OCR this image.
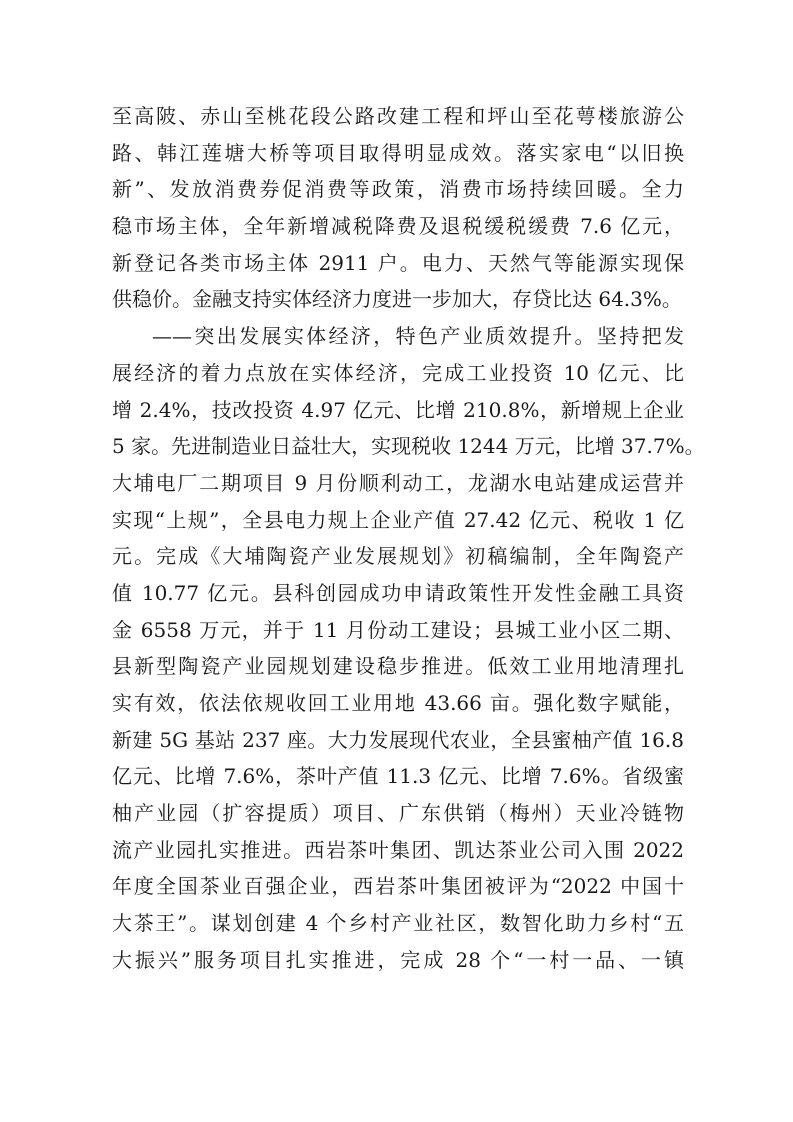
至高陂、赤山至桃花段公路改建工程和坪山至花萼楼旅游公
路、韩江莲塘大桥等项目取得明显成效。落实家电“以旧换
新”、发放消费券促消费等政策，消费市场持续回暖。全力
稳市场主体，全年新增减税降费及退税缓税缓费 7.6 亿元，
新登记各类市场主体 2911 户。电力、天然气等能源实现保
供稳价。金融支持实体经济力度进一步加大，存贷比达 64.3%。
——突出发展实体经济，特色产业质效提升。坚持把发
展经济的着力点放在实体经济，完成工业投资 10 亿元、比
增 2.4%，技改投资 4.97 亿元、比增 210.8%，新增规上企业
5 家。先进制造业日益壮大，实现税收 1244 万元，比增 37.7%。
大埔电厂二期项目 9 月份顺利动工，龙湖水电站建成运营并
实现“上规”，全县电力规上企业产值 27.42 亿元、税收 1 亿
元。完成《大埔陶瓷产业发展规划》初稿编制，全年陶瓷产
值 10.77 亿元。县科创园成功申请政策性开发性金融工具资
金 6558 万元，并于 11 月份动工建设；县城工业小区二期、
县新型陶瓷产业园规划建设稳步推进。低效工业用地清理扎
实有效，依法依规收回工业用地 43.66 亩。强化数字赋能，
新建 5G 基站 237 座。大力发展现代农业，全县蜜柚产值 16.8
亿元、比增 7.6%，茶叶产值 11.3 亿元、比增 7.6%。省级蜜
柚产业园（扩容提质）项目、广东供销（梅州）天业冷链物
流产业园扎实推进。西岩茶叶集团、凯达茶业公司入围 2022
年度全国茶业百强企业，西岩茶叶集团被评为“2022 中国十
大茶王”。谋划创建 4 个乡村产业社区，数智化助力乡村“五
大振兴”服务项目扎实推进，完成 28 个“一村一品、一镇
